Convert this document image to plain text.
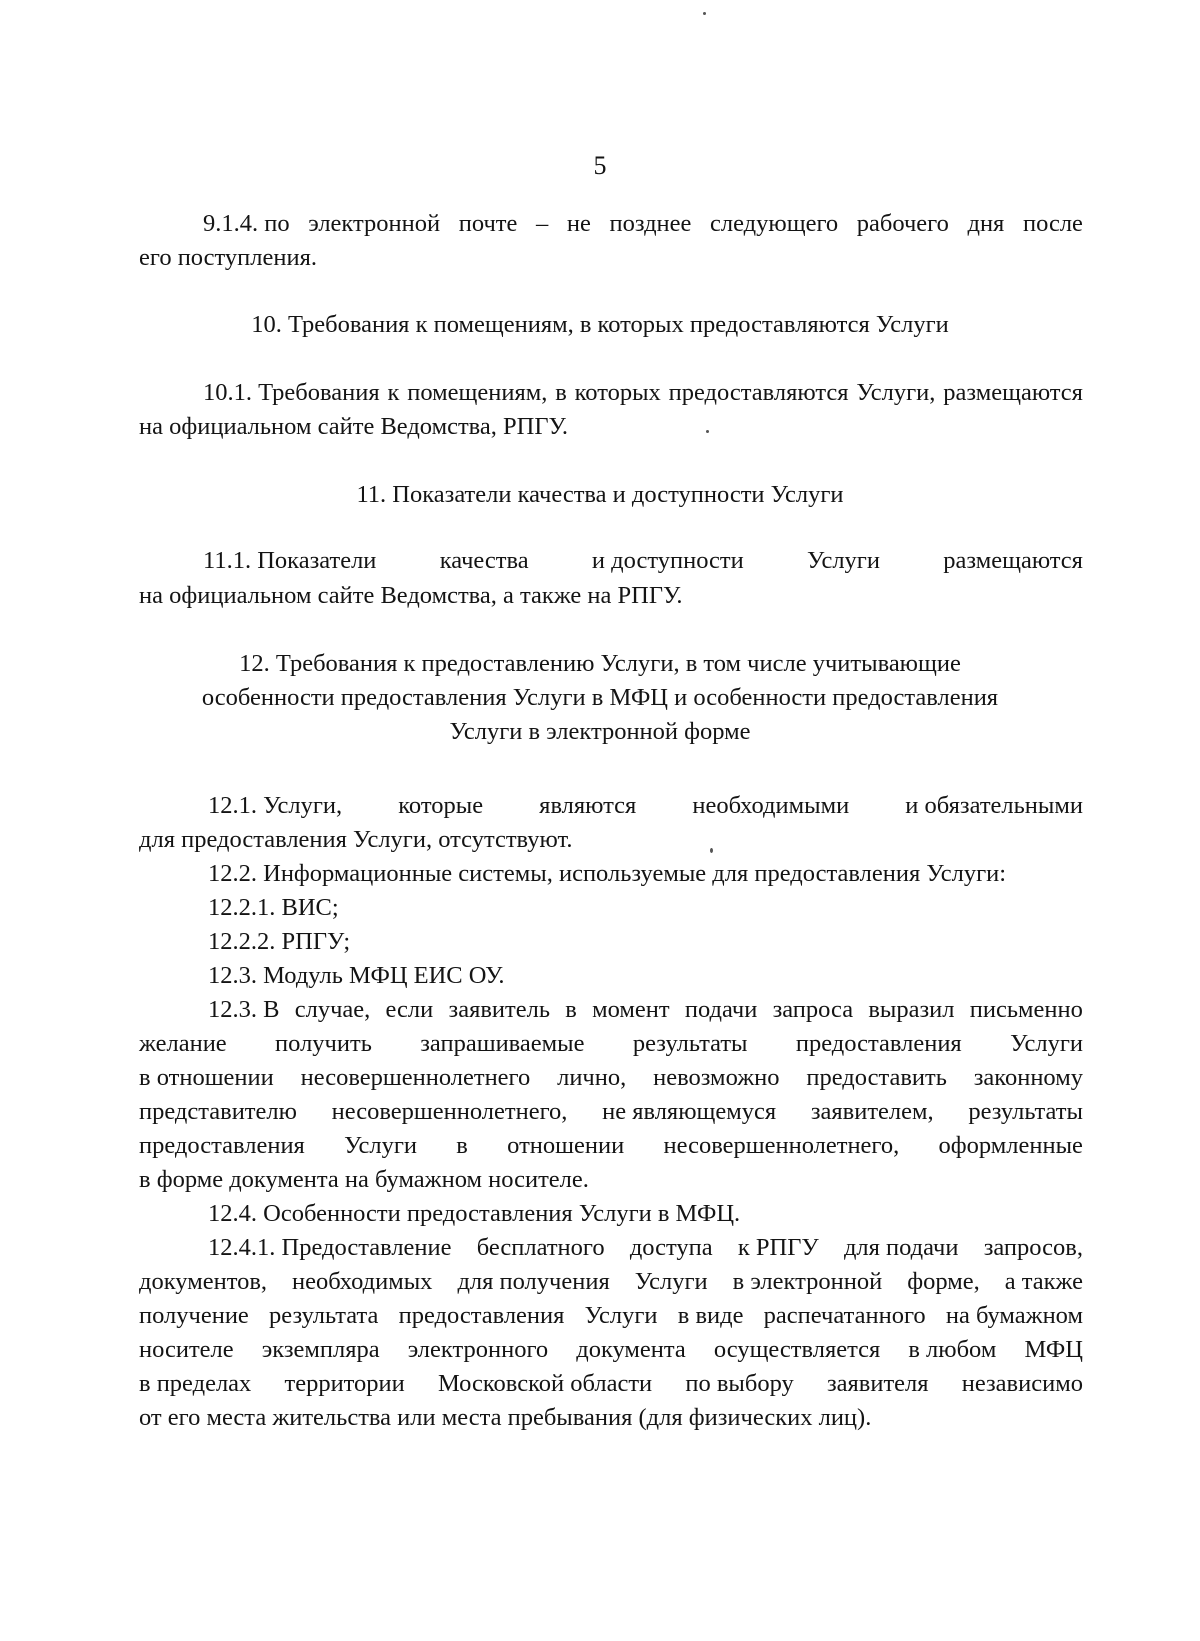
5
9.1.4. по электронной почте – не позднее следующего рабочего дня после
его поступления.
10. Требования к помещениям, в которых предоставляются Услуги
10.1. Требования к помещениям, в которых предоставляются Услуги, размещаются
на официальном сайте Ведомства, РПГУ.
11. Показатели качества и доступности Услуги
11.1. Показатели	качества	и доступности	Услуги	размещаются
на официальном сайте Ведомства, а также на РПГУ.
12. Требования к предоставлению Услуги, в том числе учитывающие
особенности предоставления Услуги в МФЦ и особенности предоставления
Услуги в электронной форме
12.1. Услуги, которые являются необходимыми и обязательными
для предоставления Услуги, отсутствуют.
12.2. Информационные системы, используемые для предоставления Услуги:
12.2.1. ВИС;
12.2.2. РПГУ;
12.3. Модуль МФЦ ЕИС ОУ.
12.3. В случае, если заявитель в момент подачи запроса выразил письменно
желание получить запрашиваемые результаты предоставления Услуги
в отношении несовершеннолетнего лично, невозможно предоставить законному
представителю несовершеннолетнего, не являющемуся заявителем, результаты
предоставления Услуги в отношении несовершеннолетнего, оформленные
в форме документа на бумажном носителе.
12.4. Особенности предоставления Услуги в МФЦ.
12.4.1. Предоставление бесплатного доступа к РПГУ для подачи запросов,
документов, необходимых для получения Услуги в электронной форме, а также
получение результата предоставления Услуги в виде распечатанного на бумажном
носителе экземпляра электронного документа осуществляется в любом МФЦ
в пределах территории Московской области по выбору заявителя независимо
от его места жительства или места пребывания (для физических лиц).
